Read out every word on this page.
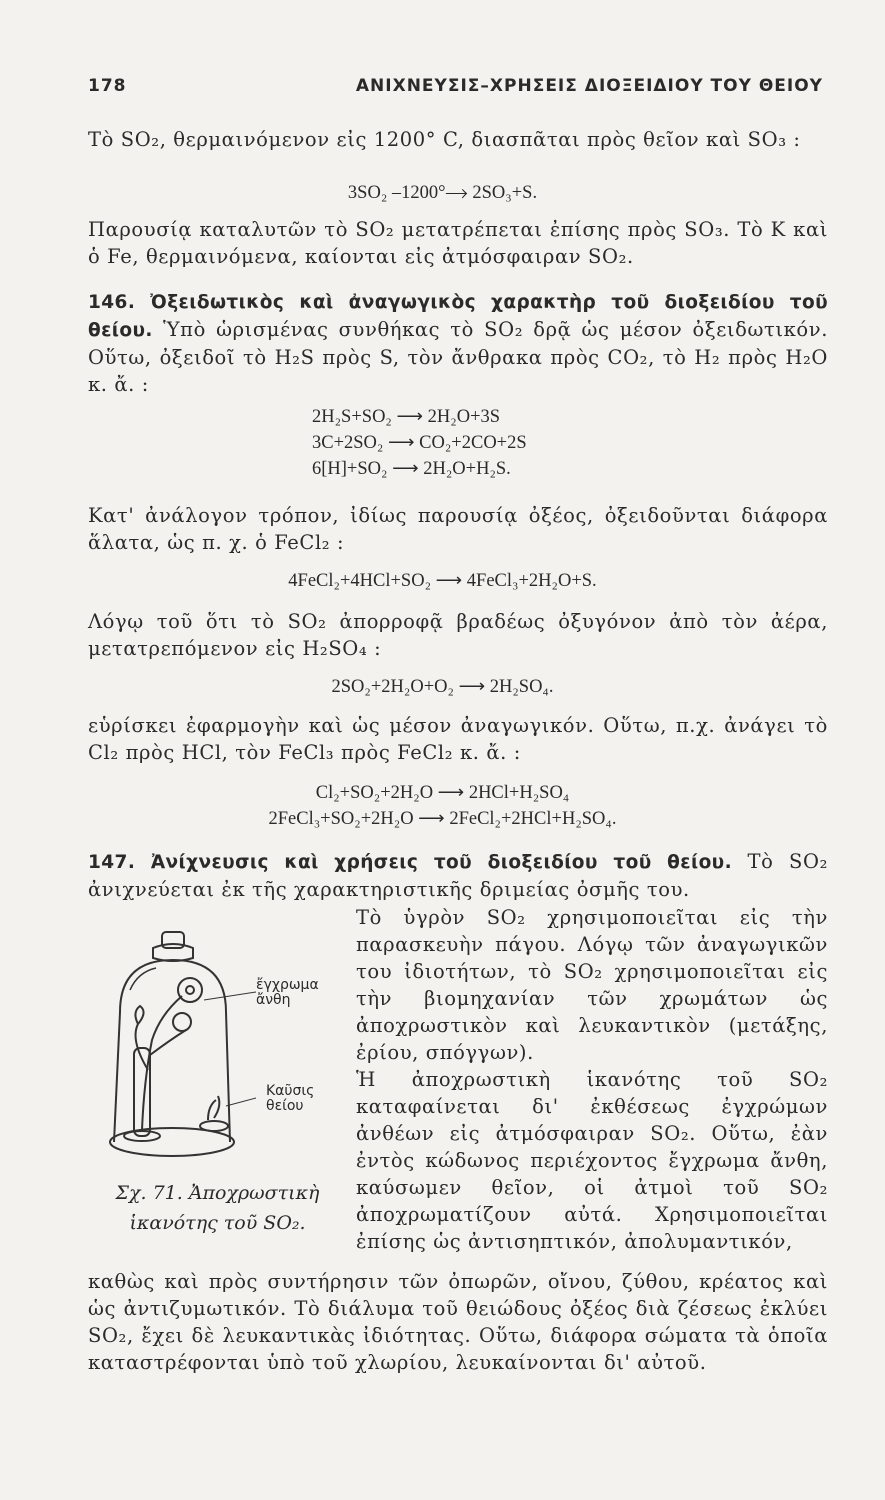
178	ΑΝΙΧΝΕΥΣΙΣ–ΧΡΗΣΕΙΣ ΔΙΟΞΕΙΔΙΟΥ ΤΟΥ ΘΕΙΟΥ

Τὸ SO₂, θερμαινόμενον εἰς 1200° C, διασπᾶται πρὸς θεῖον καὶ SO₃ :

3SO₂ ⎯1200°⟶ 2SO₃+S.

Παρουσίᾳ καταλυτῶν τὸ SO₂ μετατρέπεται ἐπίσης πρὸς SO₃. Τὸ K καὶ ὁ Fe, θερμαινόμενα, καίονται εἰς ἀτμόσφαιραν SO₂.

146. Ὀξειδωτικὸς καὶ ἀναγωγικὸς χαρακτὴρ τοῦ διοξειδίου τοῦ θείου. Ὑπὸ ὡρισμένας συνθήκας τὸ SO₂ δρᾷ ὡς μέσον ὀξειδωτικόν. Οὕτω, ὀξειδοῖ τὸ H₂S πρὸς S, τὸν ἄνθρακα πρὸς CO₂, τὸ H₂ πρὸς H₂O κ. ἄ. :

2H₂S+SO₂ ⟶ 2H₂O+3S
3C+2SO₂ ⟶ CO₂+2CO+2S
6[H]+SO₂ ⟶ 2H₂O+H₂S.

Κατ' ἀνάλογον τρόπον, ἰδίως παρουσίᾳ ὀξέος, ὀξειδοῦνται διάφορα ἅλατα, ὡς π. χ. ὁ FeCl₂ :

4FeCl₂+4HCl+SO₂ ⟶ 4FeCl₃+2H₂O+S.

Λόγῳ τοῦ ὅτι τὸ SO₂ ἀπορροφᾷ βραδέως ὀξυγόνον ἀπὸ τὸν ἀέρα, μετατρεπόμενον εἰς H₂SO₄ :

2SO₂+2H₂O+O₂ ⟶ 2H₂SO₄.

εὑρίσκει ἐφαρμογὴν καὶ ὡς μέσον ἀναγωγικόν. Οὕτω, π.χ. ἀνάγει τὸ Cl₂ πρὸς HCl, τὸν FeCl₃ πρὸς FeCl₂ κ. ἄ. :

Cl₂+SO₂+2H₂O ⟶ 2HCl+H₂SO₄
2FeCl₃+SO₂+2H₂O ⟶ 2FeCl₂+2HCl+H₂SO₄.

147. Ἀνίχνευσις καὶ χρήσεις τοῦ διοξειδίου τοῦ θείου. Τὸ SO₂ ἀνιχνεύεται ἐκ τῆς χαρακτηριστικῆς δριμείας ὀσμῆς του.

Τὸ ὑγρὸν SO₂ χρησιμοποιεῖται εἰς τὴν παρασκευὴν πάγου. Λόγῳ τῶν ἀναγωγικῶν του ἰδιοτήτων, τὸ SO₂ χρησιμοποιεῖται εἰς τὴν βιομηχανίαν τῶν χρωμάτων ὡς ἀποχρωστικὸν καὶ λευκαντικὸν (μετάξης, ἐρίου, σπόγγων).

Ἡ ἀποχρωστικὴ ἱκανότης τοῦ SO₂ καταφαίνεται δι' ἐκθέσεως ἐγχρώμων ἀνθέων εἰς ἀτμόσφαιραν SO₂. Οὕτω, ἐὰν ἐντὸς κώδωνος περιέχοντος ἔγχρωμα ἄνθη, καύσωμεν θεῖον, οἱ ἀτμοὶ τοῦ SO₂ ἀποχρωματίζουν αὐτά. Χρησιμοποιεῖται ἐπίσης ὡς ἀντισηπτικόν, ἀπολυμαντικόν,

καθὼς καὶ πρὸς συντήρησιν τῶν ὀπωρῶν, οἴνου, ζύθου, κρέατος καὶ ὡς ἀντιζυμωτικόν. Τὸ διάλυμα τοῦ θειώδους ὀξέος διὰ ζέσεως ἐκλύει SO₂, ἔχει δὲ λευκαντικὰς ἰδιότητας. Οὕτω, διάφορα σώματα τὰ ὁποῖα καταστρέφονται ὑπὸ τοῦ χλωρίου, λευκαίνονται δι' αὐτοῦ.

ἔγχρωμα
ἄνθη
Καῦσις
θείου
Σχ. 71. Ἀποχρωστικὴ
ἱκανότης τοῦ SO₂.
